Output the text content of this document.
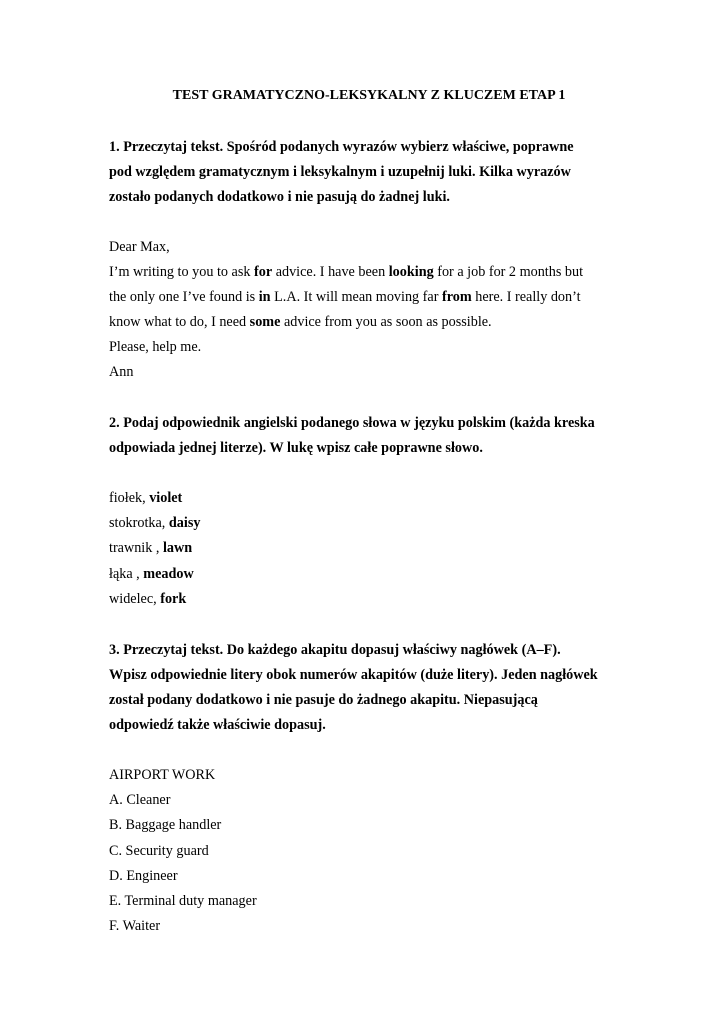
TEST GRAMATYCZNO-LEKSYKALNY Z KLUCZEM ETAP 1
1. Przeczytaj tekst. Spośród podanych wyrazów wybierz właściwe, poprawne
pod względem gramatycznym i leksykalnym i uzupełnij luki. Kilka wyrazów
zostało podanych dodatkowo i nie pasują do żadnej luki.
Dear Max,
I’m writing to you to ask for advice. I have been looking for a job for 2 months but
the only one I’ve found is in L.A. It will mean moving far from here. I really don’t
know what to do, I need some advice from you as soon as possible.
Please, help me.
Ann
2. Podaj odpowiednik angielski podanego słowa w języku polskim (każda kreska
odpowiada jednej literze). W lukę wpisz całe poprawne słowo.
fiołek, violet
stokrotka, daisy
trawnik , lawn
łąka , meadow
widelec, fork
3. Przeczytaj tekst. Do każdego akapitu dopasuj właściwy nagłówek (A–F).
Wpisz odpowiednie litery obok numerów akapitów (duże litery). Jeden nagłówek
został podany dodatkowo i nie pasuje do żadnego akapitu. Niepasującą
odpowiedź także właściwie dopasuj.
AIRPORT WORK
A. Cleaner
B. Baggage handler
C. Security guard
D. Engineer
E. Terminal duty manager
F. Waiter
